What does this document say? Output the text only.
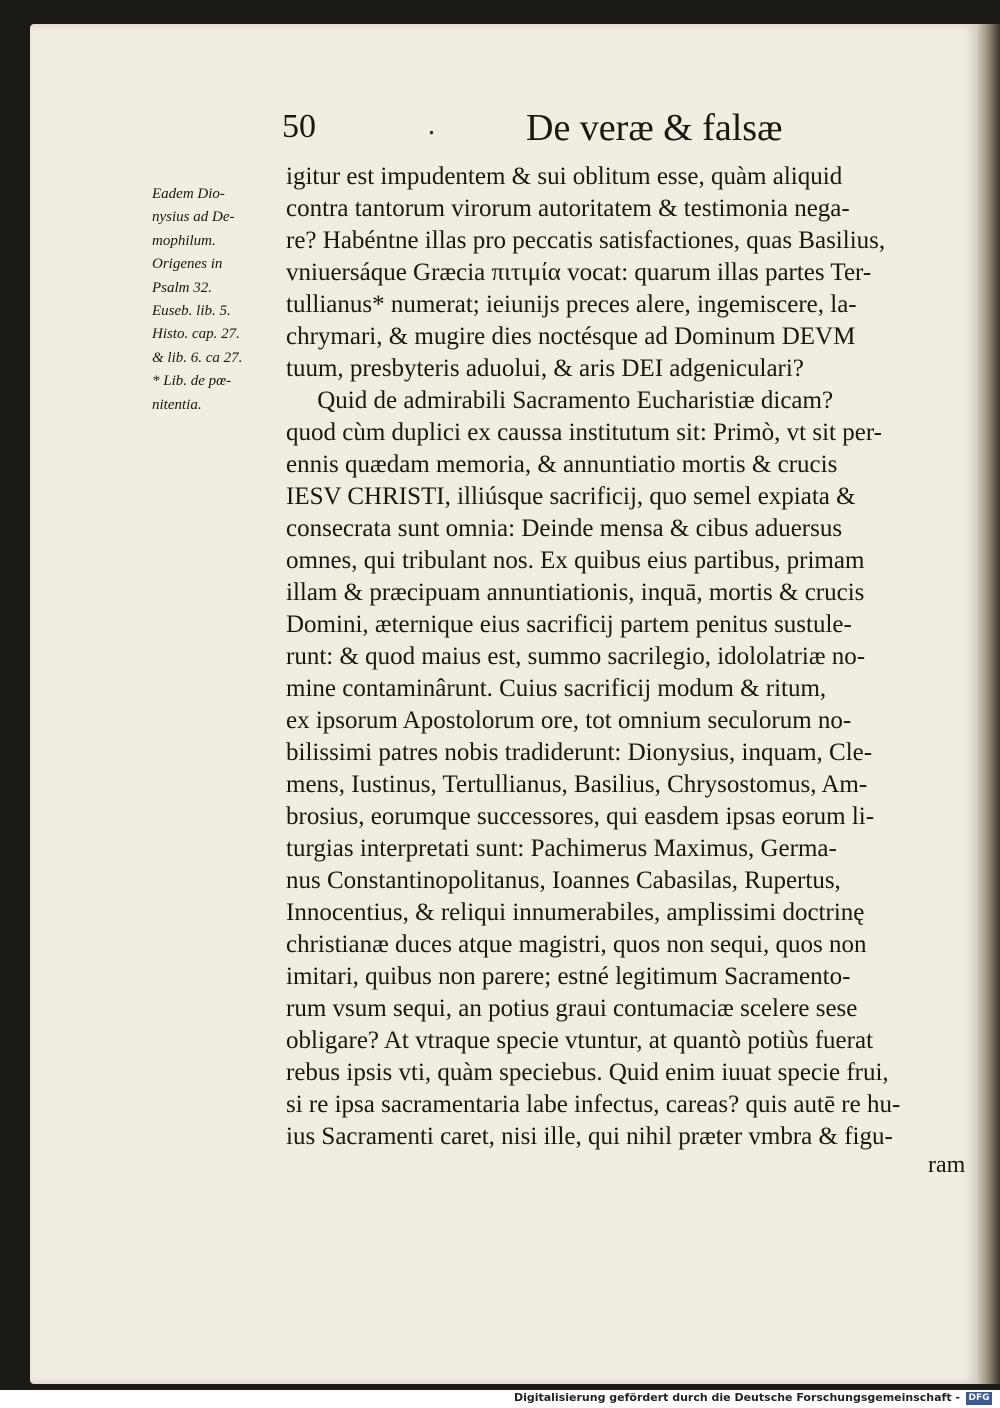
50	. De veræ & falsæ
Eadem Dio-
nysius ad De-
mophilum.
Origenes in
Psalm 32.
Euseb. lib. 5.
Histo. cap. 27.
& lib. 6. ca 27.
* Lib. de pœ-
nitentia.
igitur est impudentem & sui oblitum esse, quàm aliquid
contra tantorum virorum autoritatem & testimonia nega-
re? Habéntne illas pro peccatis satisfactiones, quas Basilius,
vniuersáque Græcia πιτιμία vocat: quarum illas partes Ter-
tullianus* numerat; ieiunijs preces alere, ingemiscere, la-
chrymari, & mugire dies noctésque ad Dominum DEVM
tuum, presbyteris aduolui, & aris DEI adgeniculari?
Quid de admirabili Sacramento Eucharistiæ dicam?
quod cùm duplici ex caussa institutum sit: Primò, vt sit per-
ennis quædam memoria, & annuntiatio mortis & crucis
IESV CHRISTI, illiúsque sacrificij, quo semel expiata &
consecrata sunt omnia: Deinde mensa & cibus aduersus
omnes, qui tribulant nos. Ex quibus eius partibus, primam
illam & præcipuam annuntiationis, inquā, mortis & crucis
Domini, æternique eius sacrificij partem penitus sustule-
runt: & quod maius est, summo sacrilegio, idololatriæ no-
mine contaminârunt. Cuius sacrificij modum & ritum,
ex ipsorum Apostolorum ore, tot omnium seculorum no-
bilissimi patres nobis tradiderunt: Dionysius, inquam, Cle-
mens, Iustinus, Tertullianus, Basilius, Chrysostomus, Am-
brosius, eorumque successores, qui easdem ipsas eorum li-
turgias interpretati sunt: Pachimerus Maximus, Germa-
nus Constantinopolitanus, Ioannes Cabasilas, Rupertus,
Innocentius, & reliqui innumerabiles, amplissimi doctrinę
christianæ duces atque magistri, quos non sequi, quos non
imitari, quibus non parere; estné legitimum Sacramento-
rum vsum sequi, an potius graui contumaciæ scelere sese
obligare? At vtraque specie vtuntur, at quantò potiùs fuerat
rebus ipsis vti, quàm speciebus. Quid enim iuuat specie frui,
si re ipsa sacramentaria labe infectus, careas? quis autē re hu-
ius Sacramenti caret, nisi ille, qui nihil præter vmbra & figu-
ram
Digitalisierung gefördert durch die Deutsche Forschungsgemeinschaft - DFG
